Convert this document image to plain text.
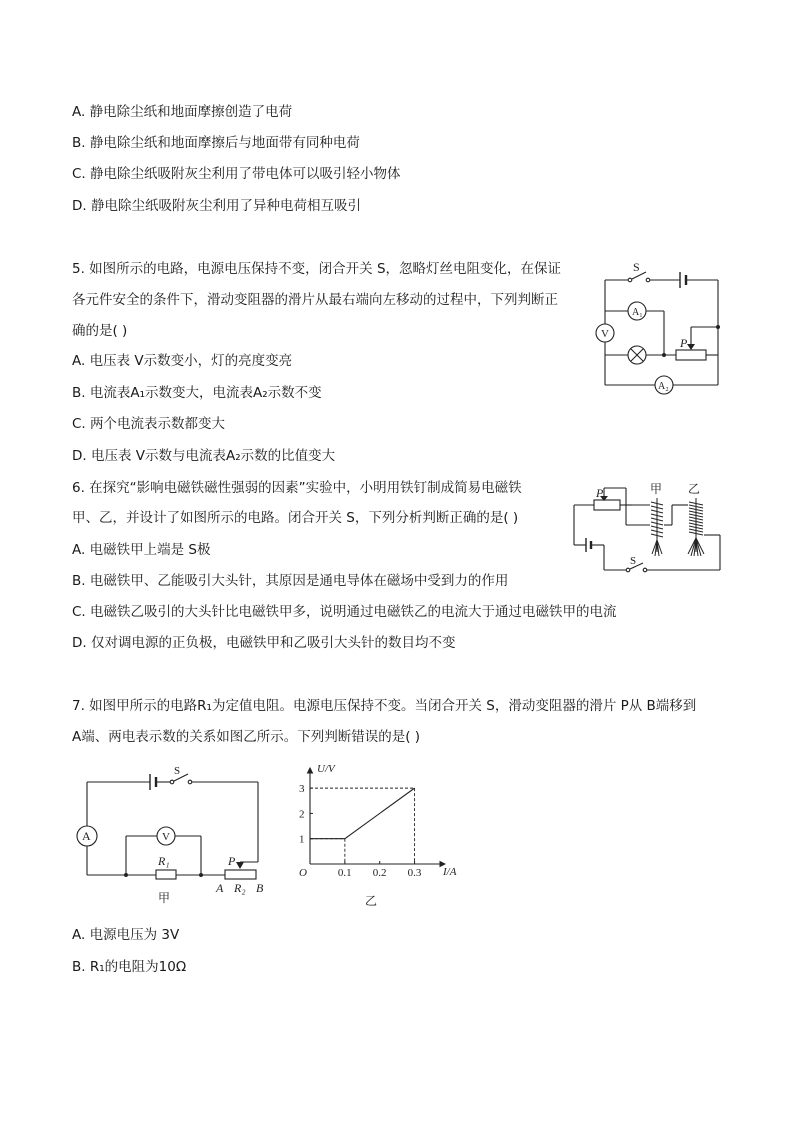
A. 静电除尘纸和地面摩擦创造了电荷
B. 静电除尘纸和地面摩擦后与地面带有同种电荷
C. 静电除尘纸吸附灰尘利用了带电体可以吸引轻小物体
D. 静电除尘纸吸附灰尘利用了异种电荷相互吸引
5. 如图所示的电路，电源电压保持不变，闭合开关 S，忽略灯丝电阻变化，在保证
各元件安全的条件下，滑动变阻器的滑片从最右端向左移动的过程中，下列判断正
确的是( )
A. 电压表 V示数变小，灯的亮度变亮
B. 电流表A₁示数变大，电流表A₂示数不变
C. 两个电流表示数都变大
D. 电压表 V示数与电流表A₂示数的比值变大
S
V
A₁
A₂
P
6. 在探究“影响电磁铁磁性强弱的因素”实验中，小明用铁钉制成简易电磁铁
甲、乙，并设计了如图所示的电路。闭合开关 S，下列分析判断正确的是( )
A. 电磁铁甲上端是 S极
B. 电磁铁甲、乙能吸引大头针，其原因是通电导体在磁场中受到力的作用
C. 电磁铁乙吸引的大头针比电磁铁甲多，说明通过电磁铁乙的电流大于通过电磁铁甲的电流
D. 仅对调电源的正负极，电磁铁甲和乙吸引大头针的数目均不变
P	甲 乙
S
7. 如图甲所示的电路R₁为定值电阻。电源电压保持不变。当闭合开关 S，滑动变阻器的滑片 P从 B端移到
A端、两电表示数的关系如图乙所示。下列判断错误的是( )
S
A	V
R₁	P
A R₂ B
甲
0.1 0.2 0.3
1
2
3
U/V
I/A
O
乙
A. 电源电压为 3V
B. R₁的电阻为10Ω
